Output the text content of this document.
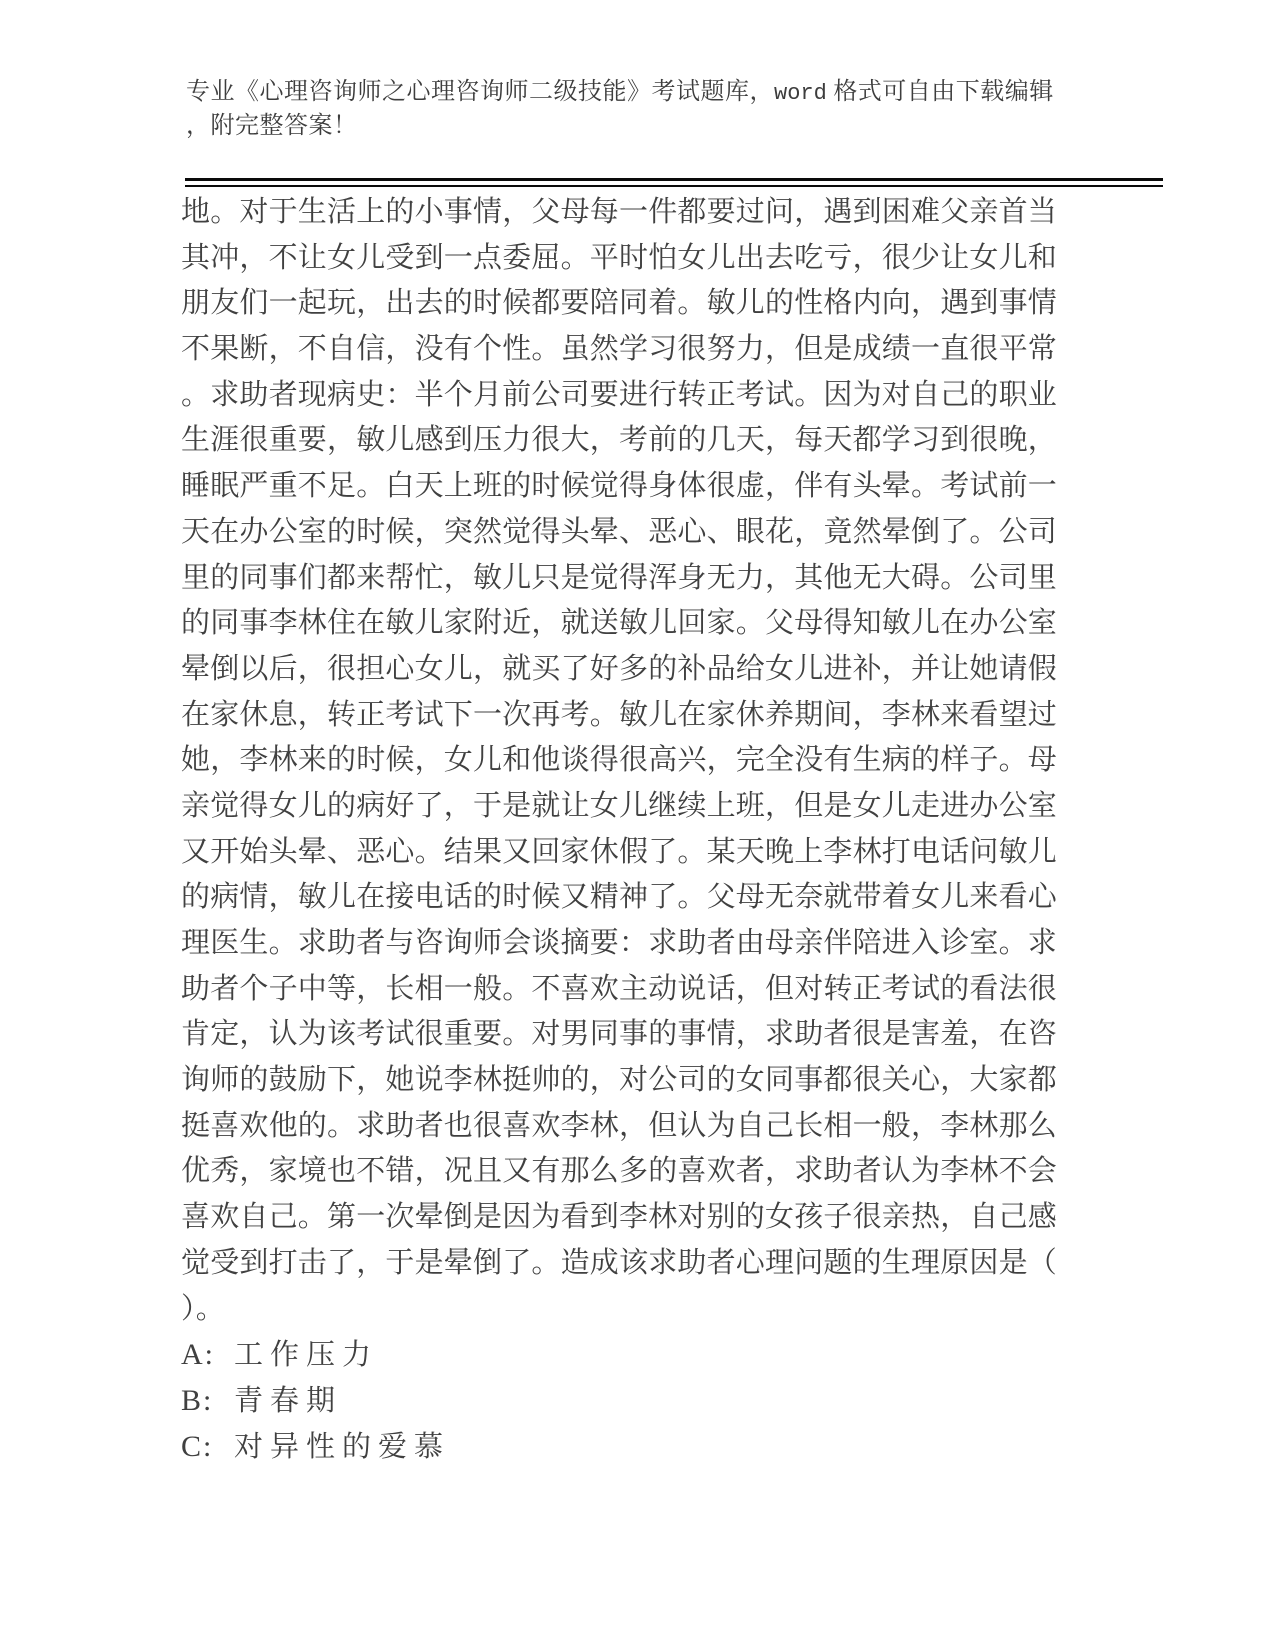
专业《心理咨询师之心理咨询师二级技能》考试题库，word 格式可自由下载编辑
，附完整答案！
地。对于生活上的小事情，父母每一件都要过问，遇到困难父亲首当
其冲，不让女儿受到一点委屈。平时怕女儿出去吃亏，很少让女儿和
朋友们一起玩，出去的时候都要陪同着。敏儿的性格内向，遇到事情
不果断，不自信，没有个性。虽然学习很努力，但是成绩一直很平常
。求助者现病史：半个月前公司要进行转正考试。因为对自己的职业
生涯很重要，敏儿感到压力很大，考前的几天，每天都学习到很晚，
睡眠严重不足。白天上班的时候觉得身体很虚，伴有头晕。考试前一
天在办公室的时候，突然觉得头晕、恶心、眼花，竟然晕倒了。公司
里的同事们都来帮忙，敏儿只是觉得浑身无力，其他无大碍。公司里
的同事李林住在敏儿家附近，就送敏儿回家。父母得知敏儿在办公室
晕倒以后，很担心女儿，就买了好多的补品给女儿进补，并让她请假
在家休息，转正考试下一次再考。敏儿在家休养期间，李林来看望过
她，李林来的时候，女儿和他谈得很高兴，完全没有生病的样子。母
亲觉得女儿的病好了，于是就让女儿继续上班，但是女儿走进办公室
又开始头晕、恶心。结果又回家休假了。某天晚上李林打电话问敏儿
的病情，敏儿在接电话的时候又精神了。父母无奈就带着女儿来看心
理医生。求助者与咨询师会谈摘要：求助者由母亲伴陪进入诊室。求
助者个子中等，长相一般。不喜欢主动说话，但对转正考试的看法很
肯定，认为该考试很重要。对男同事的事情，求助者很是害羞，在咨
询师的鼓励下，她说李林挺帅的，对公司的女同事都很关心，大家都
挺喜欢他的。求助者也很喜欢李林，但认为自己长相一般，李林那么
优秀，家境也不错，况且又有那么多的喜欢者，求助者认为李林不会
喜欢自己。第一次晕倒是因为看到李林对别的女孩子很亲热，自己感
觉受到打击了，于是晕倒了。造成该求助者心理问题的生理原因是（
）。
A: 工作压力
B: 青春期
C: 对异性的爱慕
